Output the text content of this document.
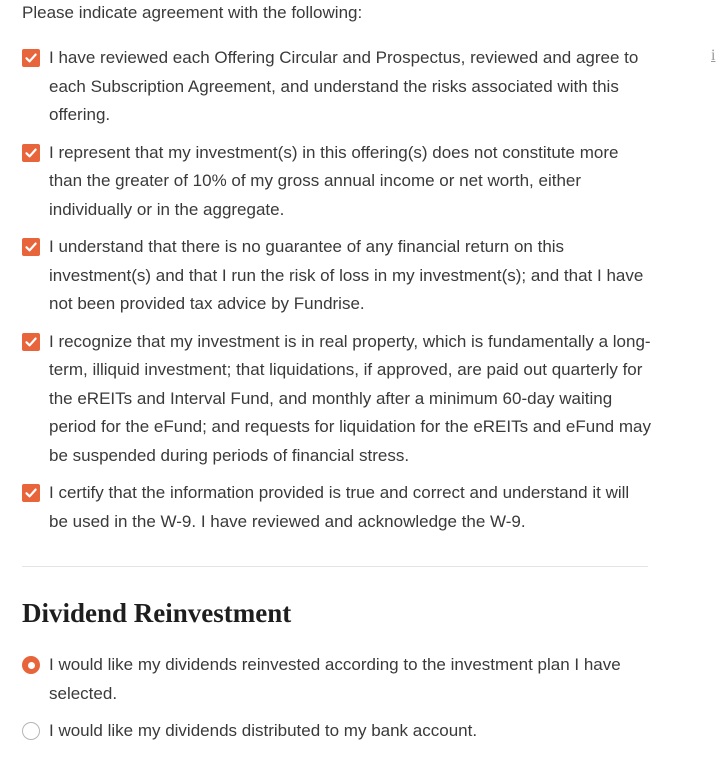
Please indicate agreement with the following:
i
I have reviewed each Offering Circular and Prospectus, reviewed and agree to each Subscription Agreement, and understand the risks associated with this offering.
I represent that my investment(s) in this offering(s) does not constitute more than the greater of 10% of my gross annual income or net worth, either individually or in the aggregate.
I understand that there is no guarantee of any financial return on this investment(s) and that I run the risk of loss in my investment(s); and that I have not been provided tax advice by Fundrise.
I recognize that my investment is in real property, which is fundamentally a long-term, illiquid investment; that liquidations, if approved, are paid out quarterly for the eREITs and Interval Fund, and monthly after a minimum 60-day waiting period for the eFund; and requests for liquidation for the eREITs and eFund may be suspended during periods of financial stress.
I certify that the information provided is true and correct and understand it will be used in the W-9. I have reviewed and acknowledge the W-9.
Dividend Reinvestment
I would like my dividends reinvested according to the investment plan I have selected.
I would like my dividends distributed to my bank account.
